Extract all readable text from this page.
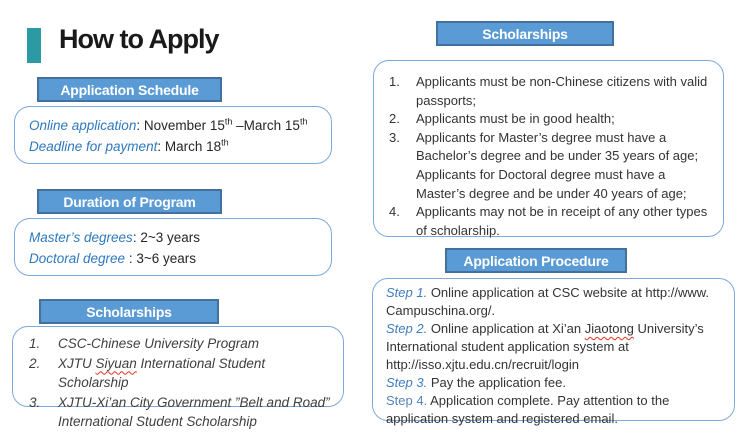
How to Apply
Application Schedule
Online application: November 15th –March 15th
Deadline for payment: March 18th
Duration of Program
Master’s degrees: 2~3 years
Doctoral degree : 3~6 years
Scholarships
1.	CSC-Chinese University Program
2.	XJTU Siyuan International Student Scholarship
3.	XJTU-Xi’an City Government ”Belt and Road” International Student Scholarship
Scholarships
1.	Applicants must be non-Chinese citizens with valid passports;
2.	Applicants must be in good health;
3.	Applicants for Master’s degree must have a Bachelor’s degree and be under 35 years of age; Applicants for Doctoral degree must have a Master’s degree and be under 40 years of age;
4.	Applicants may not be in receipt of any other types of scholarship.
Application Procedure

Step 1. Online application at CSC website at http://www. Campuschina.org/.

Step 2. Online application at Xi’an Jiaotong University’s International student application system at http://isso.xjtu.edu.cn/recruit/login

Step 3. Pay the application fee.

Step 4. Application complete. Pay attention to the application system and registered email.
